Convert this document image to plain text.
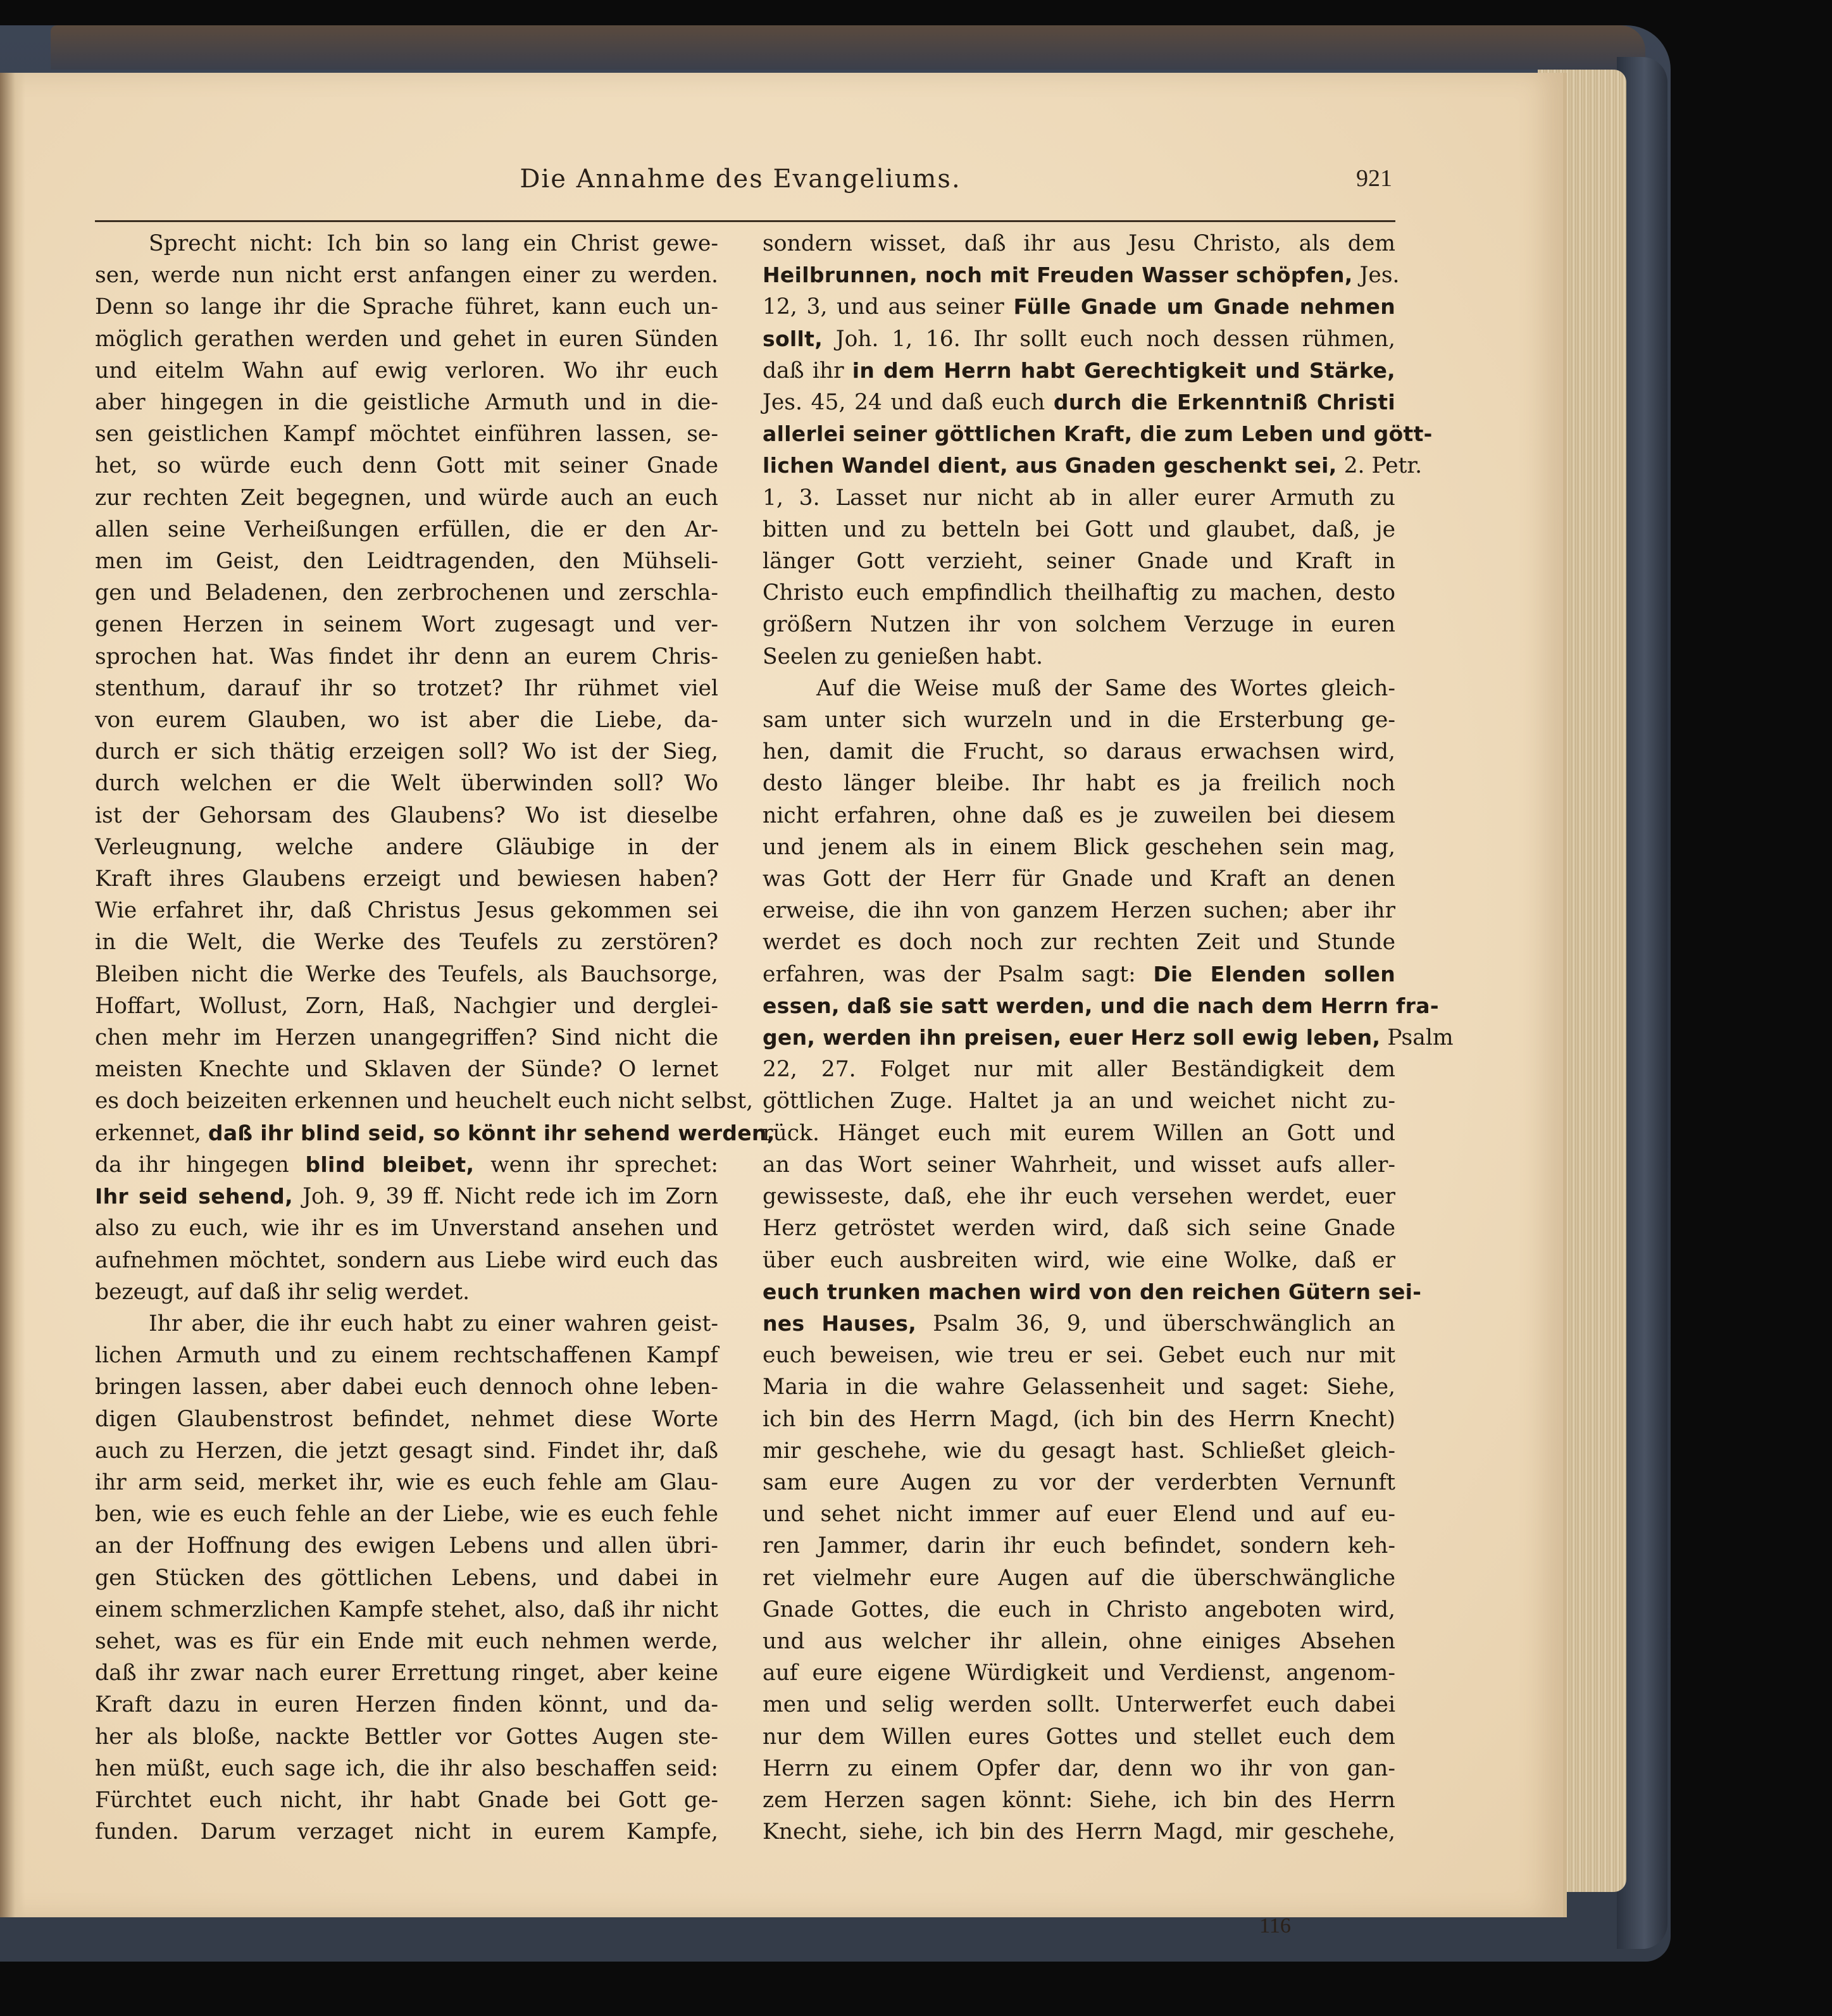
Die Annahme des Evangeliums.	921
Sprecht nicht: Ich bin so lang ein Christ gewe-
sen, werde nun nicht erst anfangen einer zu werden.
Denn so lange ihr die Sprache führet, kann euch un-
möglich gerathen werden und gehet in euren Sünden
und eitelm Wahn auf ewig verloren. Wo ihr euch
aber hingegen in die geistliche Armuth und in die-
sen geistlichen Kampf möchtet einführen lassen, se-
het, so würde euch denn Gott mit seiner Gnade
zur rechten Zeit begegnen, und würde auch an euch
allen seine Verheißungen erfüllen, die er den Ar-
men im Geist, den Leidtragenden, den Mühseli-
gen und Beladenen, den zerbrochenen und zerschla-
genen Herzen in seinem Wort zugesagt und ver-
sprochen hat. Was findet ihr denn an eurem Chris-
stenthum, darauf ihr so trotzet? Ihr rühmet viel
von eurem Glauben, wo ist aber die Liebe, da-
durch er sich thätig erzeigen soll? Wo ist der Sieg,
durch welchen er die Welt überwinden soll? Wo
ist der Gehorsam des Glaubens? Wo ist dieselbe
Verleugnung, welche andere Gläubige in der
Kraft ihres Glaubens erzeigt und bewiesen haben?
Wie erfahret ihr, daß Christus Jesus gekommen sei
in die Welt, die Werke des Teufels zu zerstören?
Bleiben nicht die Werke des Teufels, als Bauchsorge,
Hoffart, Wollust, Zorn, Haß, Nachgier und derglei-
chen mehr im Herzen unangegriffen? Sind nicht die
meisten Knechte und Sklaven der Sünde? O lernet
es doch beizeiten erkennen und heuchelt euch nicht selbst,
erkennet, daß ihr blind seid, so könnt ihr sehend werden,
da ihr hingegen blind bleibet, wenn ihr sprechet:
Ihr seid sehend, Joh. 9, 39 ff. Nicht rede ich im Zorn
also zu euch, wie ihr es im Unverstand ansehen und
aufnehmen möchtet, sondern aus Liebe wird euch das
bezeugt, auf daß ihr selig werdet.
Ihr aber, die ihr euch habt zu einer wahren geist-
lichen Armuth und zu einem rechtschaffenen Kampf
bringen lassen, aber dabei euch dennoch ohne leben-
digen Glaubenstrost befindet, nehmet diese Worte
auch zu Herzen, die jetzt gesagt sind. Findet ihr, daß
ihr arm seid, merket ihr, wie es euch fehle am Glau-
ben, wie es euch fehle an der Liebe, wie es euch fehle
an der Hoffnung des ewigen Lebens und allen übri-
gen Stücken des göttlichen Lebens, und dabei in
einem schmerzlichen Kampfe stehet, also, daß ihr nicht
sehet, was es für ein Ende mit euch nehmen werde,
daß ihr zwar nach eurer Errettung ringet, aber keine
Kraft dazu in euren Herzen finden könnt, und da-
her als bloße, nackte Bettler vor Gottes Augen ste-
hen müßt, euch sage ich, die ihr also beschaffen seid:
Fürchtet euch nicht, ihr habt Gnade bei Gott ge-
funden. Darum verzaget nicht in eurem Kampfe,
sondern wisset, daß ihr aus Jesu Christo, als dem
Heilbrunnen, noch mit Freuden Wasser schöpfen, Jes.
12, 3, und aus seiner Fülle Gnade um Gnade nehmen
sollt, Joh. 1, 16. Ihr sollt euch noch dessen rühmen,
daß ihr in dem Herrn habt Gerechtigkeit und Stärke,
Jes. 45, 24 und daß euch durch die Erkenntniß Christi
allerlei seiner göttlichen Kraft, die zum Leben und gött-
lichen Wandel dient, aus Gnaden geschenkt sei, 2. Petr.
1, 3. Lasset nur nicht ab in aller eurer Armuth zu
bitten und zu betteln bei Gott und glaubet, daß, je
länger Gott verzieht, seiner Gnade und Kraft in
Christo euch empfindlich theilhaftig zu machen, desto
größern Nutzen ihr von solchem Verzuge in euren
Seelen zu genießen habt.
Auf die Weise muß der Same des Wortes gleich-
sam unter sich wurzeln und in die Ersterbung ge-
hen, damit die Frucht, so daraus erwachsen wird,
desto länger bleibe. Ihr habt es ja freilich noch
nicht erfahren, ohne daß es je zuweilen bei diesem
und jenem als in einem Blick geschehen sein mag,
was Gott der Herr für Gnade und Kraft an denen
erweise, die ihn von ganzem Herzen suchen; aber ihr
werdet es doch noch zur rechten Zeit und Stunde
erfahren, was der Psalm sagt: Die Elenden sollen
essen, daß sie satt werden, und die nach dem Herrn fra-
gen, werden ihn preisen, euer Herz soll ewig leben, Psalm
22, 27. Folget nur mit aller Beständigkeit dem
göttlichen Zuge. Haltet ja an und weichet nicht zu-
rück. Hänget euch mit eurem Willen an Gott und
an das Wort seiner Wahrheit, und wisset aufs aller-
gewisseste, daß, ehe ihr euch versehen werdet, euer
Herz getröstet werden wird, daß sich seine Gnade
über euch ausbreiten wird, wie eine Wolke, daß er
euch trunken machen wird von den reichen Gütern sei-
nes Hauses, Psalm 36, 9, und überschwänglich an
euch beweisen, wie treu er sei. Gebet euch nur mit
Maria in die wahre Gelassenheit und saget: Siehe,
ich bin des Herrn Magd, (ich bin des Herrn Knecht)
mir geschehe, wie du gesagt hast. Schließet gleich-
sam eure Augen zu vor der verderbten Vernunft
und sehet nicht immer auf euer Elend und auf eu-
ren Jammer, darin ihr euch befindet, sondern keh-
ret vielmehr eure Augen auf die überschwängliche
Gnade Gottes, die euch in Christo angeboten wird,
und aus welcher ihr allein, ohne einiges Absehen
auf eure eigene Würdigkeit und Verdienst, angenom-
men und selig werden sollt. Unterwerfet euch dabei
nur dem Willen eures Gottes und stellet euch dem
Herrn zu einem Opfer dar, denn wo ihr von gan-
zem Herzen sagen könnt: Siehe, ich bin des Herrn
Knecht, siehe, ich bin des Herrn Magd, mir geschehe,
116
